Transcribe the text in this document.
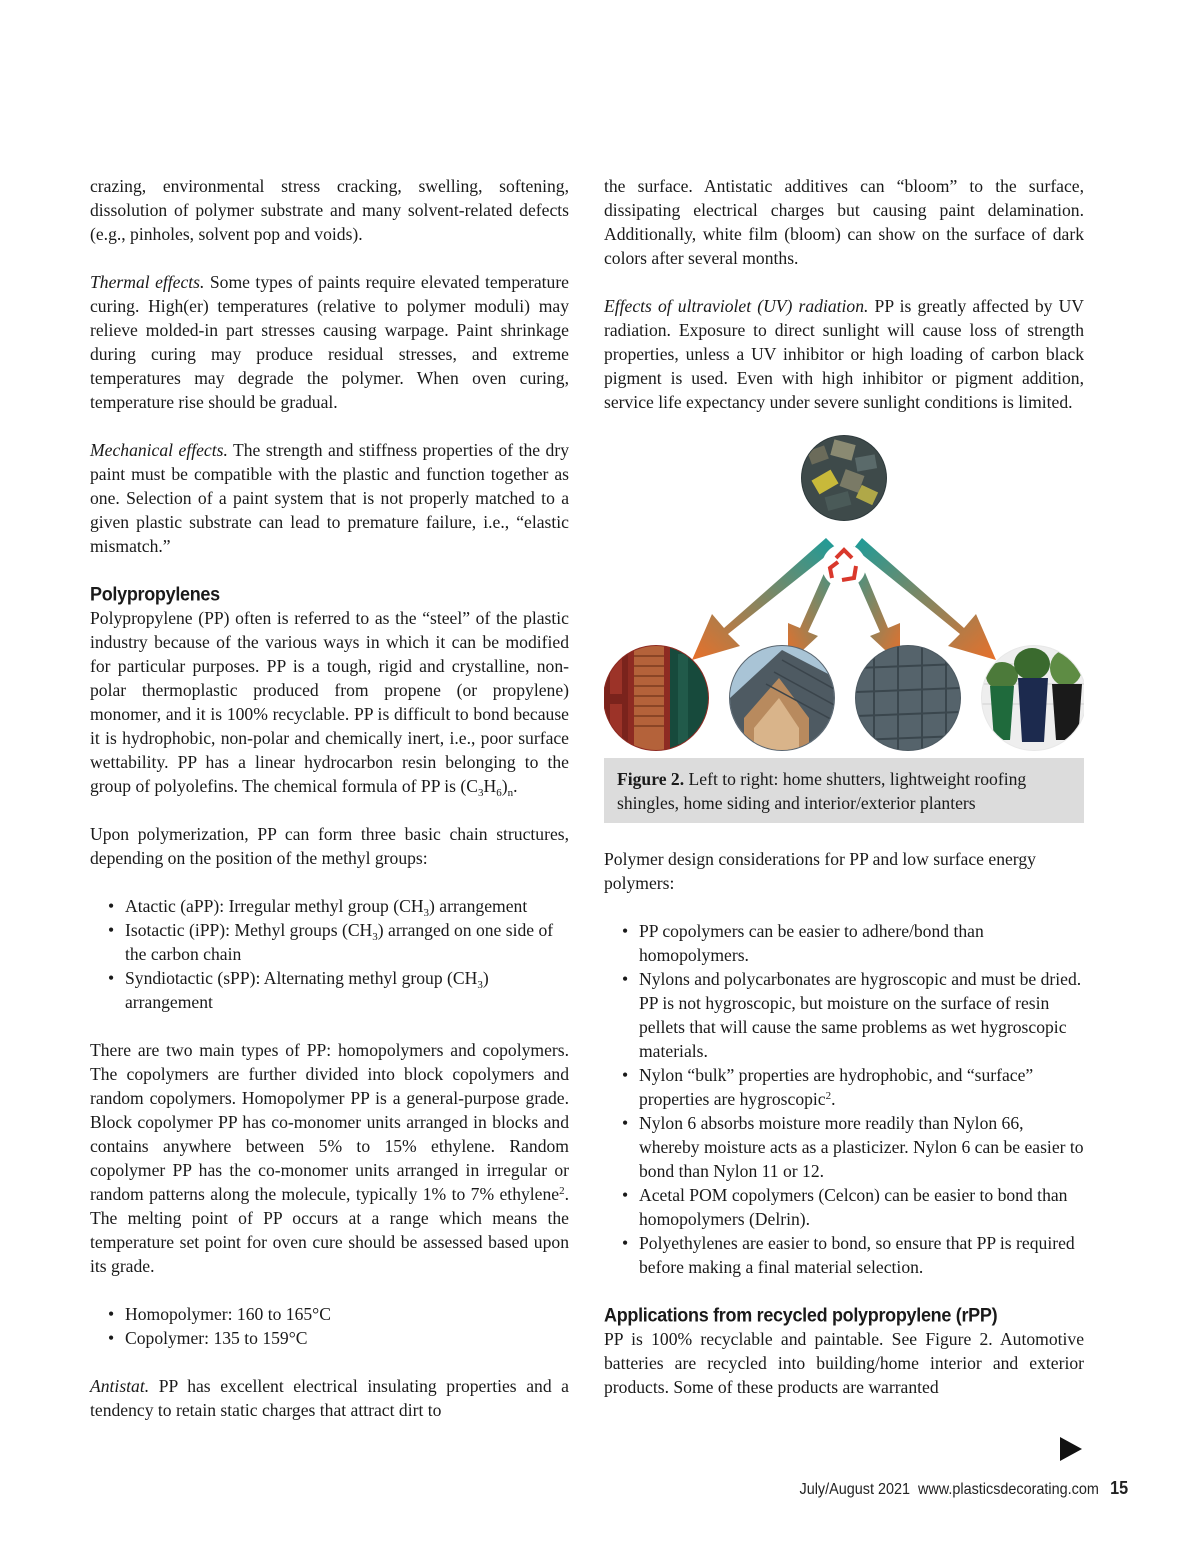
crazing, environmental stress cracking, swelling, softening, dissolution of polymer substrate and many solvent-related defects (e.g., pinholes, solvent pop and voids).

Thermal effects. Some types of paints require elevated temperature curing. High(er) temperatures (relative to polymer moduli) may relieve molded-in part stresses causing warpage. Paint shrinkage during curing may produce residual stresses, and extreme temperatures may degrade the polymer. When oven curing, temperature rise should be gradual.

Mechanical effects. The strength and stiffness properties of the dry paint must be compatible with the plastic and function together as one. Selection of a paint system that is not properly matched to a given plastic substrate can lead to premature failure, i.e., “elastic mismatch.”

Polypropylenes

Polypropylene (PP) often is referred to as the “steel” of the plastic industry because of the various ways in which it can be modified for particular purposes. PP is a tough, rigid and crystalline, non-polar thermoplastic produced from propene (or propylene) monomer, and it is 100% recyclable. PP is difficult to bond because it is hydrophobic, non-polar and chemically inert, i.e., poor surface wettability. PP has a linear hydrocarbon resin belonging to the group of polyolefins. The chemical formula of PP is $(C_3H_6)_n$.

Upon polymerization, PP can form three basic chain structures, depending on the position of the methyl groups:

• Atactic (aPP): Irregular methyl group $(CH_3)$ arrangement
• Isotactic (iPP): Methyl groups $(CH_3)$ arranged on one side of the carbon chain
• Syndiotactic (sPP): Alternating methyl group $(CH_3)$ arrangement

There are two main types of PP: homopolymers and copolymers. The copolymers are further divided into block copolymers and random copolymers. Homopolymer PP is a general-purpose grade. Block copolymer PP has co-monomer units arranged in blocks and contains anywhere between 5% to 15% ethylene. Random copolymer PP has the co-monomer units arranged in irregular or random patterns along the molecule, typically 1% to 7% ethylene$^2$. The melting point of PP occurs at a range which means the temperature set point for oven cure should be assessed based upon its grade.

• Homopolymer: 160 to 165°C
• Copolymer: 135 to 159°C

Antistat. PP has excellent electrical insulating properties and a tendency to retain static charges that attract dirt to

the surface. Antistatic additives can “bloom” to the surface, dissipating electrical charges but causing paint delamination. Additionally, white film (bloom) can show on the surface of dark colors after several months.

Effects of ultraviolet (UV) radiation. PP is greatly affected by UV radiation. Exposure to direct sunlight will cause loss of strength properties, unless a UV inhibitor or high loading of carbon black pigment is used. Even with high inhibitor or pigment addition, service life expectancy under severe sunlight conditions is limited.

Figure 2. Left to right: home shutters, lightweight roofing shingles, home siding and interior/exterior planters

Polymer design considerations for PP and low surface energy polymers:

• PP copolymers can be easier to adhere/bond than homopolymers.
• Nylons and polycarbonates are hygroscopic and must be dried. PP is not hygroscopic, but moisture on the surface of resin pellets that will cause the same problems as wet hygroscopic materials.
• Nylon “bulk” properties are hydrophobic, and “surface” properties are hygroscopic$^2$.
• Nylon 6 absorbs moisture more readily than Nylon 66, whereby moisture acts as a plasticizer. Nylon 6 can be easier to bond than Nylon 11 or 12.
• Acetal POM copolymers (Celcon) can be easier to bond than homopolymers (Delrin).
• Polyethylenes are easier to bond, so ensure that PP is required before making a final material selection.
Applications from recycled polypropylene (rPP)

PP is 100% recyclable and paintable. See Figure 2. Automotive batteries are recycled into building/home interior and exterior products. Some of these products are warranted

July/August 2021 www.plasticsdecorating.com 15
